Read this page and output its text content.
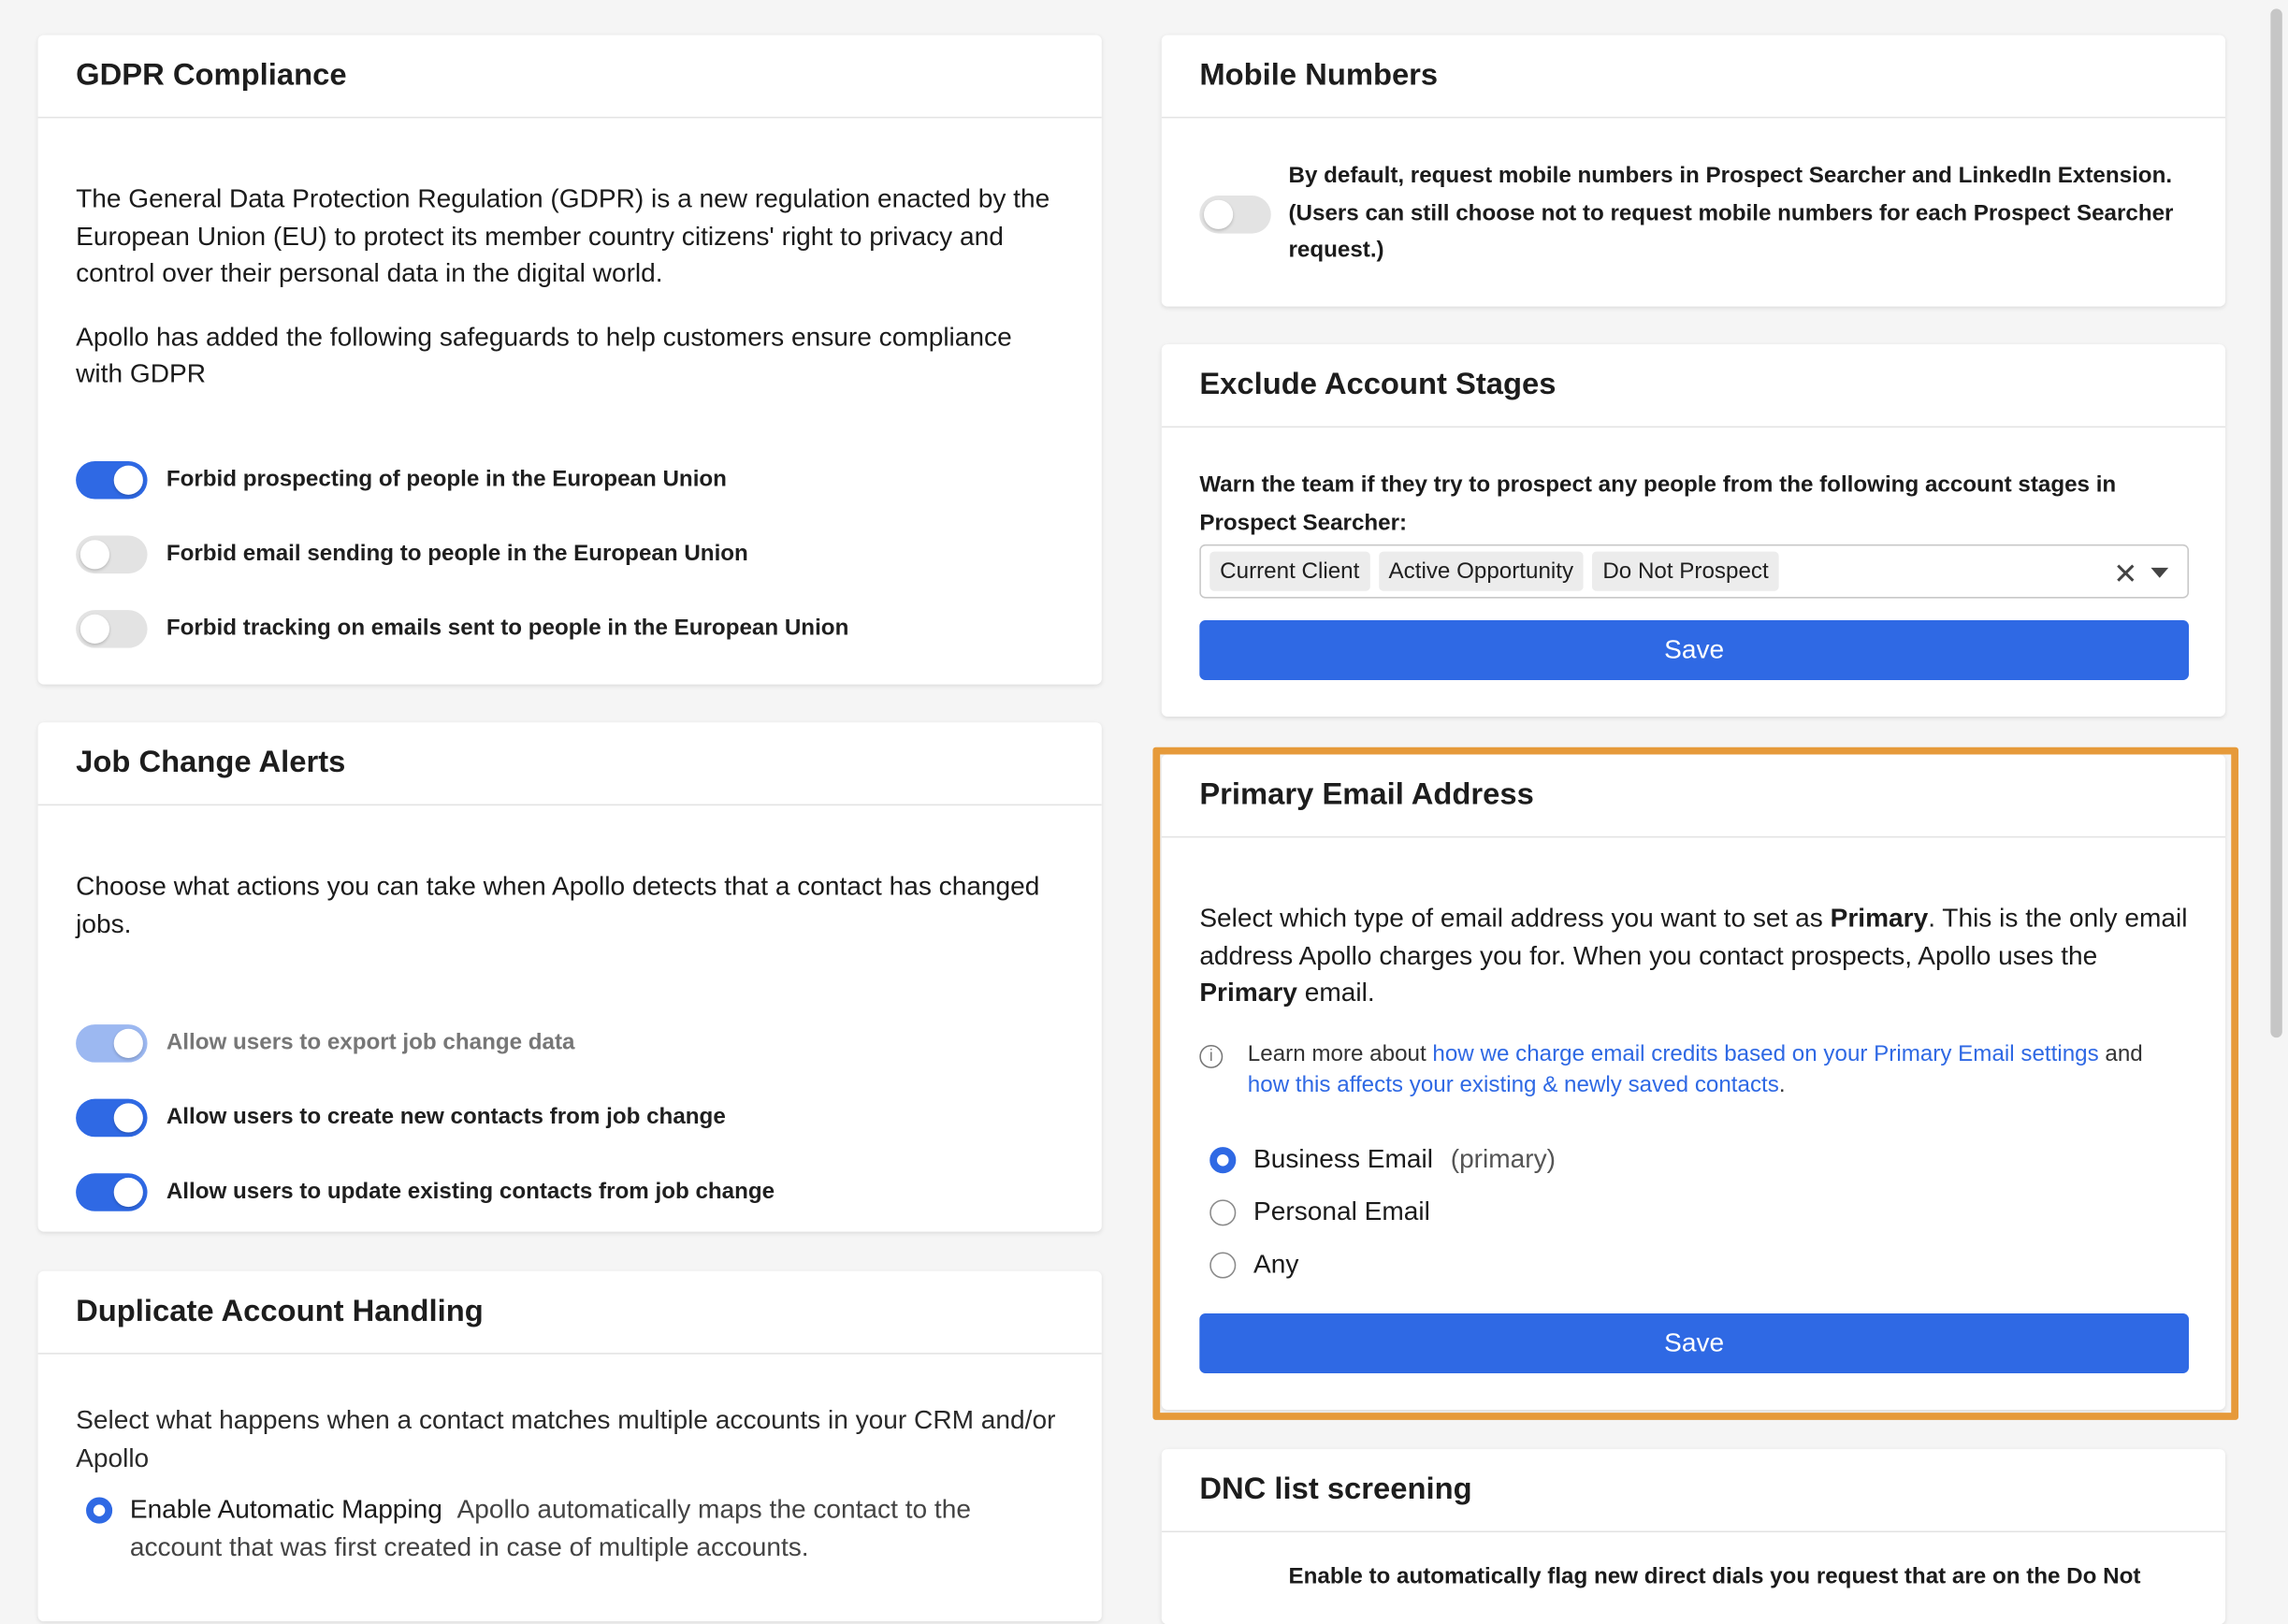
GDPR Compliance

The General Data Protection Regulation (GDPR) is a new regulation enacted by the European Union (EU) to protect its member country citizens' right to privacy and control over their personal data in the digital world.

Apollo has added the following safeguards to help customers ensure compliance with GDPR

Forbid prospecting of people in the European Union
Forbid email sending to people in the European Union
Forbid tracking on emails sent to people in the European Union
Job Change Alerts

Choose what actions you can take when Apollo detects that a contact has changed jobs.

Allow users to export job change data
Allow users to create new contacts from job change
Allow users to update existing contacts from job change
Duplicate Account Handling

Select what happens when a contact matches multiple accounts in your CRM and/or Apollo

Enable Automatic Mapping Apollo automatically maps the contact to the account that was first created in case of multiple accounts.
Mobile Numbers
By default, request mobile numbers in Prospect Searcher and LinkedIn Extension. (Users can still choose not to request mobile numbers for each Prospect Searcher request.)
Exclude Account Stages
Warn the team if they try to prospect any people from the following account stages in Prospect Searcher:
Current Client	Active Opportunity	Do Not Prospect	✕
Save
Primary Email Address

Select which type of email address you want to set as Primary. This is the only email address Apollo charges you for. When you contact prospects, Apollo uses the Primary email.

i	Learn more about how we charge email credits based on your Primary Email settings and how this affects your existing & newly saved contacts.
Business Email (primary)
Personal Email
Any
Save
DNC list screening
Enable to automatically flag new direct dials you request that are on the Do Not
